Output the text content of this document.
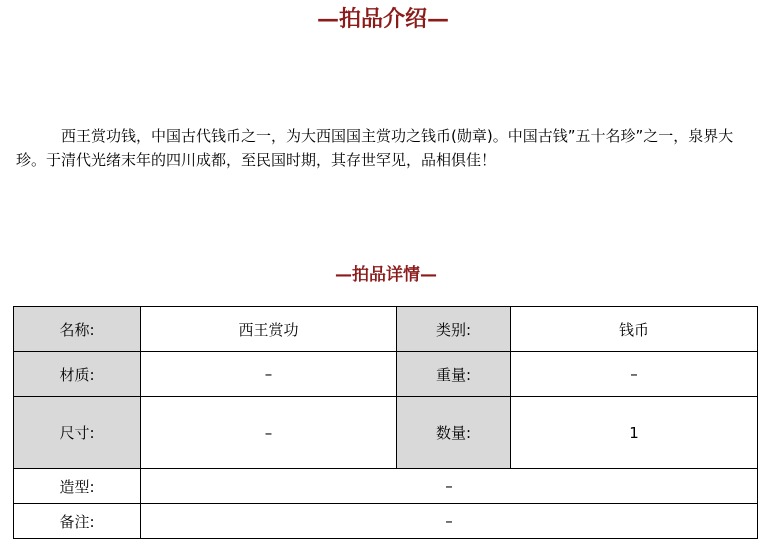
—拍品介绍—

西王赏功钱，中国古代钱币之一，为大西国国主赏功之钱币(勋章)。中国古钱”五十名珍”之一，泉界大珍。于清代光绪末年的四川成都，至民国时期，其存世罕见，品相俱佳！

—拍品详情—
名称:	西王赏功	类别:	钱币
材质:	–	重量:	–
尺寸:	–	数量:	1
造型:	–		
备注:	–		
